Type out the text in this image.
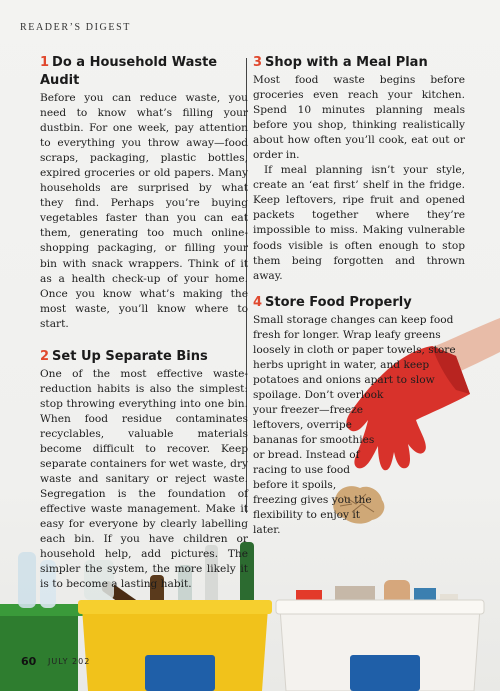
READER’S DIGEST
1 Do a Household Waste Audit

Before you can reduce waste, you need to know what’s filling your dustbin. For one week, pay attention to everything you throw away—food scraps, packaging, plastic bottles, expired groceries or old papers. Many households are surprised by what they find. Perhaps you’re buying vegetables faster than you can eat them, generating too much online-shopping packaging, or filling your bin with snack wrappers. Think of it as a health check-up of your home. Once you know what’s making the most waste, you’ll know where to start.

2 Set Up Separate Bins

One of the most effective waste-reduction habits is also the simplest: stop throwing everything into one bin. When food residue contaminates recyclables, valuable materials become difficult to recover. Keep separate containers for wet waste, dry waste and sanitary or reject waste. Segregation is the foundation of effective waste management. Make it easy for everyone by clearly labelling each bin. If you have children or household help, add pictures. The simpler the system, the more likely it is to become a lasting habit.

3 Shop with a Meal Plan

Most food waste begins before groceries even reach your kitchen. Spend 10 minutes planning meals before you shop, thinking realistically about how often you’ll cook, eat out or order in.

If meal planning isn’t your style, create an ‘eat first’ shelf in the fridge. Keep leftovers, ripe fruit and opened packets together where they’re impossible to miss. Making vulnerable foods visible is often enough to stop them being forgotten and thrown away.

4 Store Food Properly

Small storage changes can keep food fresh for longer. Wrap leafy greens loosely in cloth or paper towels, store herbs upright in water, and keep potatoes and onions apart to slow spoilage. Don’t overlook your freezer—freeze leftovers, overripe bananas for smoothies or bread. Instead of racing to use food before it spoils, freezing gives you the flexibility to enjoy it later.

60 JULY 202
